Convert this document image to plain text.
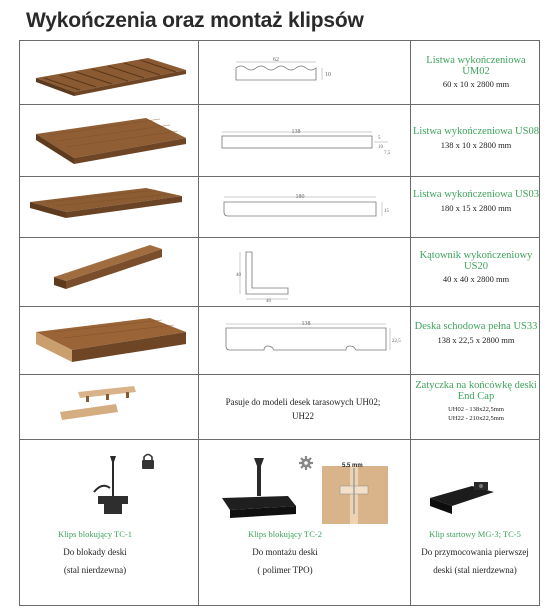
Wykończenia oraz montaż klipsów
62
10
Listwa wykończeniowa UM02
60 x 10 x 2800 mm
138
5
10
7,5
Listwa wykończeniowa US08
138 x 10 x 2800 mm
180
15
Listwa wykończeniowa US03
180 x 15 x 2800 mm
40
40
Kątownik wykończeniowy US20
40 x 40 x 2800 mm
138
22,5
Deska schodowa pełna US33
138 x 22,5 x 2800 mm
Pasuje do modeli desek tarasowych UH02; UH22
Zatyczka na końcówkę deski End Cap
UH02 - 138x22,5mm
UH22 - 210x22,5mm
Klips blokujący TC-1
Do blokady deski
(stal nierdzewna)
5.5 mm
Klips blokujący TC-2
Do montażu deski
( polimer TPO)
Klip startowy MG-3; TC-5
Do przymocowania pierwszej
deski (stal nierdzewna)
